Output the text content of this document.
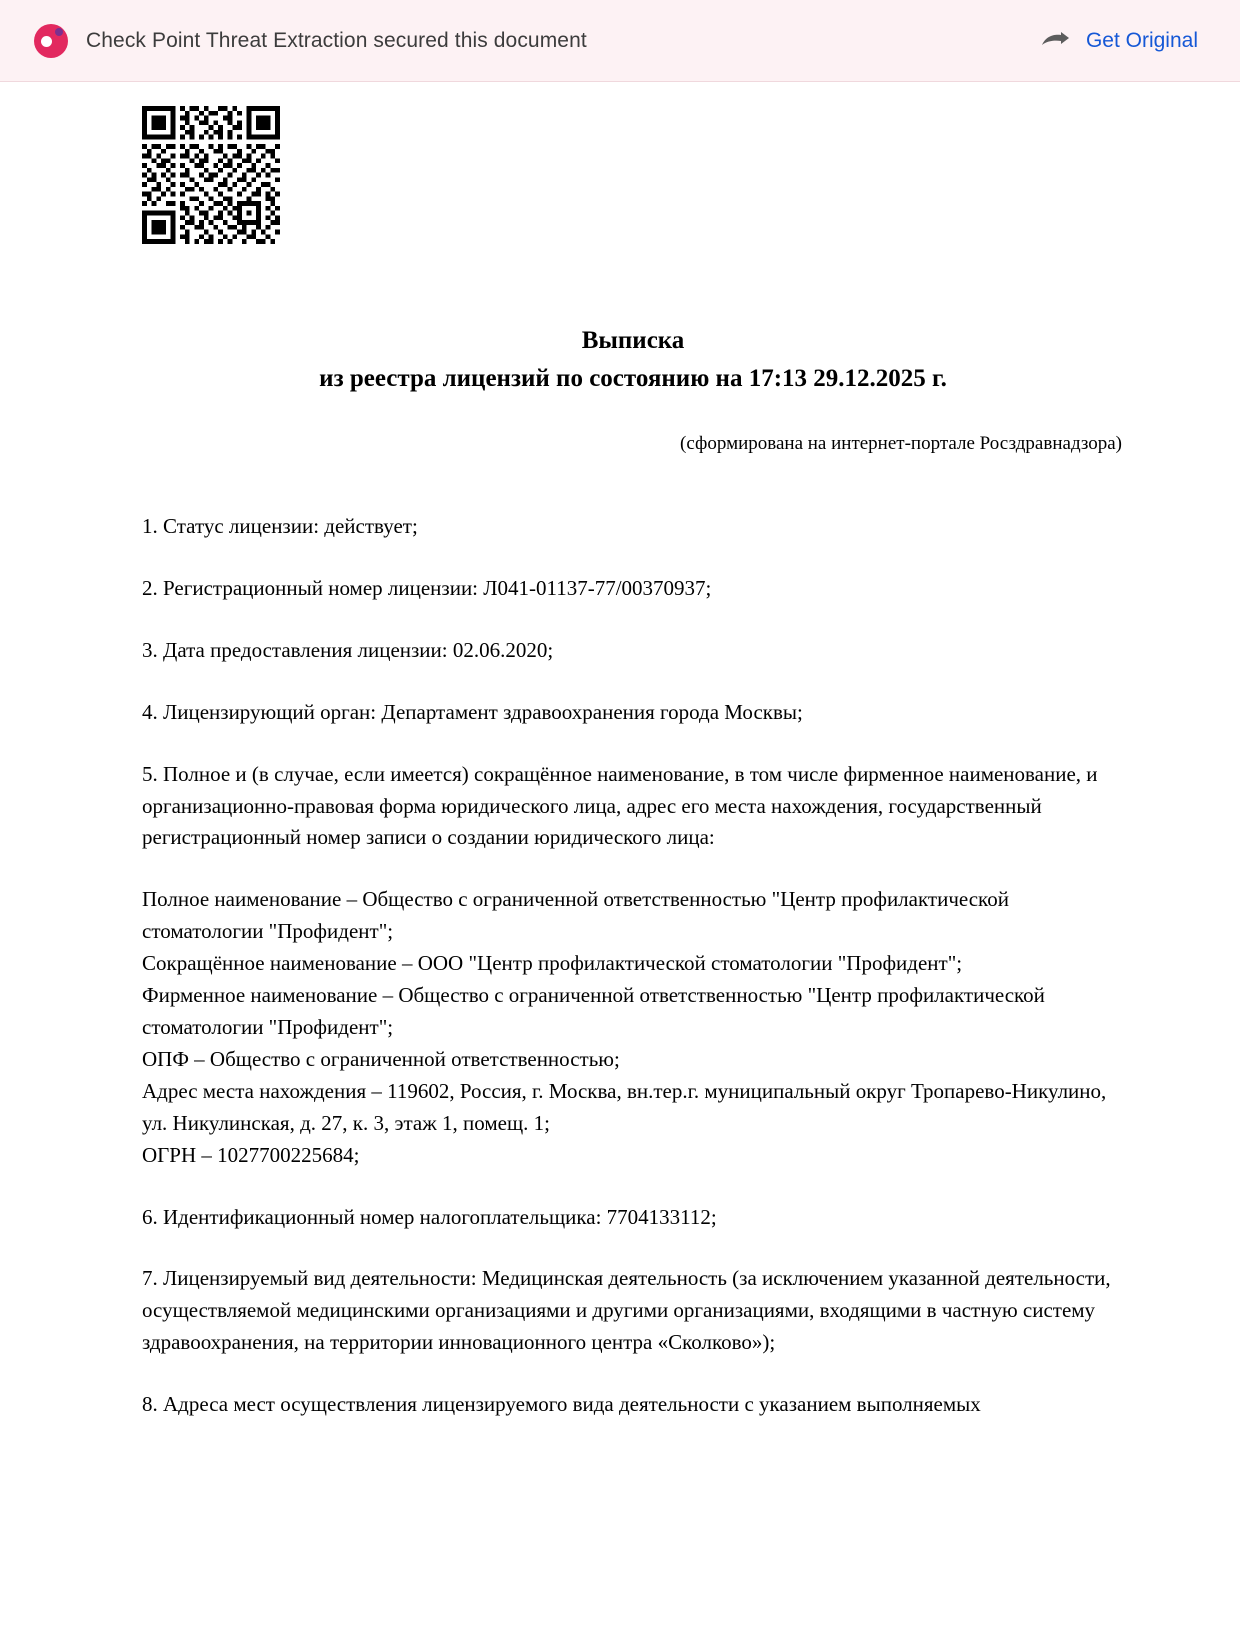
Check Point Threat Extraction secured this document	Get Original
Выписка
из реестра лицензий по состоянию на 17:13 29.12.2025 г.
(сформирована на интернет-портале Росздравнадзора)

1. Статус лицензии: действует;

2. Регистрационный номер лицензии: Л041-01137-77/00370937;

3. Дата предоставления лицензии: 02.06.2020;

4. Лицензирующий орган: Департамент здравоохранения города Москвы;

5. Полное и (в случае, если имеется) сокращённое наименование, в том числе фирменное наименование, и организационно-правовая форма юридического лица, адрес его места нахождения, государственный регистрационный номер записи о создании юридического лица:

Полное наименование – Общество с ограниченной ответственностью "Центр профилактической стоматологии "Профидент";
Сокращённое наименование – ООО "Центр профилактической стоматологии "Профидент";
Фирменное наименование – Общество с ограниченной ответственностью "Центр профилактической стоматологии "Профидент";
ОПФ – Общество с ограниченной ответственностью;
Адрес места нахождения – 119602, Россия, г. Москва, вн.тер.г. муниципальный округ Тропарево-Никулино, ул. Никулинская, д. 27, к. 3, этаж 1, помещ. 1;
ОГРН – 1027700225684;

6. Идентификационный номер налогоплательщика: 7704133112;

7. Лицензируемый вид деятельности: Медицинская деятельность (за исключением указанной деятельности, осуществляемой медицинскими организациями и другими организациями, входящими в частную систему здравоохранения, на территории инновационного центра «Сколково»);

8. Адреса мест осуществления лицензируемого вида деятельности с указанием выполняемых
